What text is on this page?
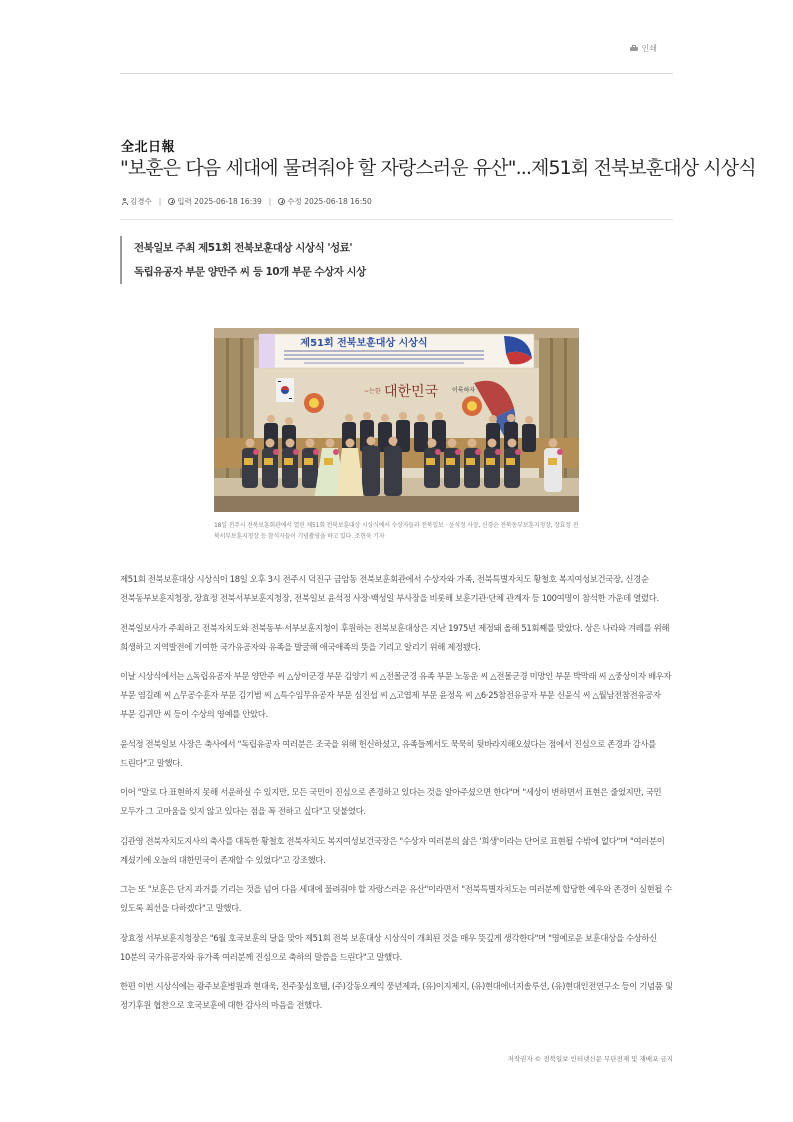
인쇄
全北日報
"보훈은 다음 세대에 물려줘야 할 자랑스러운 유산"...제51회 전북보훈대상 시상식
김경수 | 입력
2025-06-18 16:39 | 수정
2025-06-18 16:50
전북일보 주최 제51회 전북보훈대상 시상식 '성료'
독립유공자 부문 양만주 씨 등 10개 부문 수상자 시상
제51회 전북보훈대상 시상식
~는한 대한민국 이룩하자
18일 전주시 전북보훈회관에서 열린 제51회 전북보훈대상 시상식에서 수상자들과 전북일보 · 윤석정 사장, 신경순 전북동부보훈지청장, 장효정 전북서부보훈지청장 등 참석자들이 기념촬영을 하고 있다. 조현욱 기자

제51회 전북보훈대상 시상식이 18일 오후 3시 전주시 덕진구 금암동 전북보훈회관에서 수상자와 가족, 전북특별자치도 황철호 복지여성보건국장, 신경순 전북동부보훈지청장, 장효정 전북서부보훈지청장, 전북일보 윤석정 사장·백성일 부사장을 비롯해 보훈기관·단체 관계자 등 100여명이 참석한 가운데 열렸다.

전북일보사가 주최하고 전북자치도와 전북동부·서부보훈지청이 후원하는 전북보훈대상은 지난 1975년 제정돼 올해 51회째를 맞았다. 상은 나라와 겨레를 위해 희생하고 지역발전에 기여한 국가유공자와 유족을 발굴해 애국애족의 뜻을 기리고 알리기 위해 제정됐다.

이날 시상식에서는 △독립유공자 부문 양만주 씨 △상이군경 부문 김양기 씨 △전몰군경 유족 부문 노동운 씨 △전몰군경 미망인 부문 박막래 씨 △중상이자 배우자 부문 염길례 씨 △무공수훈자 부문 김기범 씨 △특수임무유공자 부문 심진섭 씨 △고엽제 부문 윤정옥 씨 △6·25참전유공자 부문 신윤식 씨 △월남전참전유공자 부문 김귀만 씨 등이 수상의 영예를 안았다.

윤석정 전북일보 사장은 축사에서 "독립유공자 여러분은 조국을 위해 헌신하셨고, 유족들께서도 묵묵히 뒷바라지해오셨다는 점에서 진심으로 존경과 감사를 드린다"고 말했다.

이어 "말로 다 표현하지 못해 서운하실 수 있지만, 모든 국민이 진심으로 존경하고 있다는 것을 알아주셨으면 한다"며 "세상이 변하면서 표현은 줄었지만, 국민 모두가 그 고마움을 잊지 않고 있다는 점을 꼭 전하고 싶다"고 덧붙였다.

김관영 전북자치도지사의 축사를 대독한 황철호 전북자치도 복지여성보건국장은 "수상자 여러분의 삶은 '희생'이라는 단어로 표현될 수밖에 없다"며 "여러분이 계셨기에 오늘의 대한민국이 존재할 수 있었다"고 강조했다.

그는 또 "보훈은 단지 과거를 기리는 것을 넘어 다음 세대에 물려줘야 할 자랑스러운 유산"이라면서 "전북특별자치도는 여러분께 합당한 예우와 존경이 실현될 수 있도록 최선을 다하겠다"고 말했다.

장효정 서부보훈지청장은 "6월 호국보훈의 달을 맞아 제51회 전북 보훈대상 시상식이 개최된 것을 매우 뜻깊게 생각한다"며 "명예로운 보훈대상을 수상하신 10분의 국가유공자와 유가족 여러분께 진심으로 축하의 말씀을 드린다"고 말했다.

한편 이번 시상식에는 광주보훈병원과 현대욱, 전주꽃심호텔, (주)강동오케익 풍년제과, (유)이지제지, (유)현대에너지솔루션, (유)현대인전연구소 등이 기념품 및 정기후원 협찬으로 호국보훈에 대한 감사의 마음을 전했다.

저작권자 © 전북일보 인터넷신문 무단전재 및 재배포 금지
